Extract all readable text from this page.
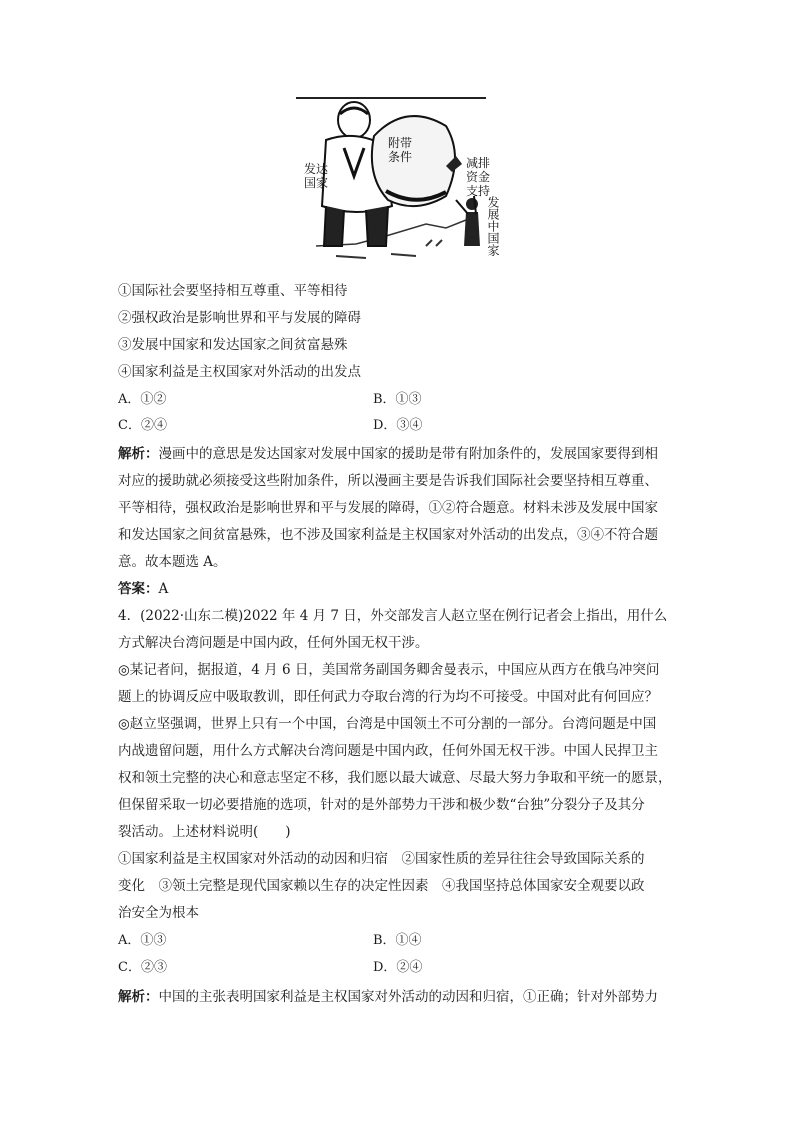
发达
国家
附带
条件	减排
资金
支持
发展中国家
①国际社会要坚持相互尊重、平等相待
②强权政治是影响世界和平与发展的障碍
③发展中国家和发达国家之间贫富悬殊
④国家利益是主权国家对外活动的出发点
A．①②	B．①③
C．②④	D．③④
解析：漫画中的意思是发达国家对发展中国家的援助是带有附加条件的，发展国家要得到相
对应的援助就必须接受这些附加条件，所以漫画主要是告诉我们国际社会要坚持相互尊重、
平等相待，强权政治是影响世界和平与发展的障碍，①②符合题意。材料未涉及发展中国家
和发达国家之间贫富悬殊，也不涉及国家利益是主权国家对外活动的出发点，③④不符合题
意。故本题选 A。
答案：A
4．(2022·山东二模)2022 年 4 月 7 日，外交部发言人赵立坚在例行记者会上指出，用什么
方式解决台湾问题是中国内政，任何外国无权干涉。
◎某记者问，据报道，4 月 6 日，美国常务副国务卿舍曼表示，中国应从西方在俄乌冲突问
题上的协调反应中吸取教训，即任何武力夺取台湾的行为均不可接受。中国对此有何回应？
◎赵立坚强调，世界上只有一个中国，台湾是中国领土不可分割的一部分。台湾问题是中国
内战遗留问题，用什么方式解决台湾问题是中国内政，任何外国无权干涉。中国人民捍卫主
权和领土完整的决心和意志坚定不移，我们愿以最大诚意、尽最大努力争取和平统一的愿景，
但保留采取一切必要措施的选项，针对的是外部势力干涉和极少数“台独”分裂分子及其分
裂活动。上述材料说明(　　)
①国家利益是主权国家对外活动的动因和归宿　②国家性质的差异往往会导致国际关系的
变化　③领土完整是现代国家赖以生存的决定性因素　④我国坚持总体国家安全观要以政
治安全为根本
A．①③	B．①④
C．②③	D．②④
解析：中国的主张表明国家利益是主权国家对外活动的动因和归宿，①正确；针对外部势力
